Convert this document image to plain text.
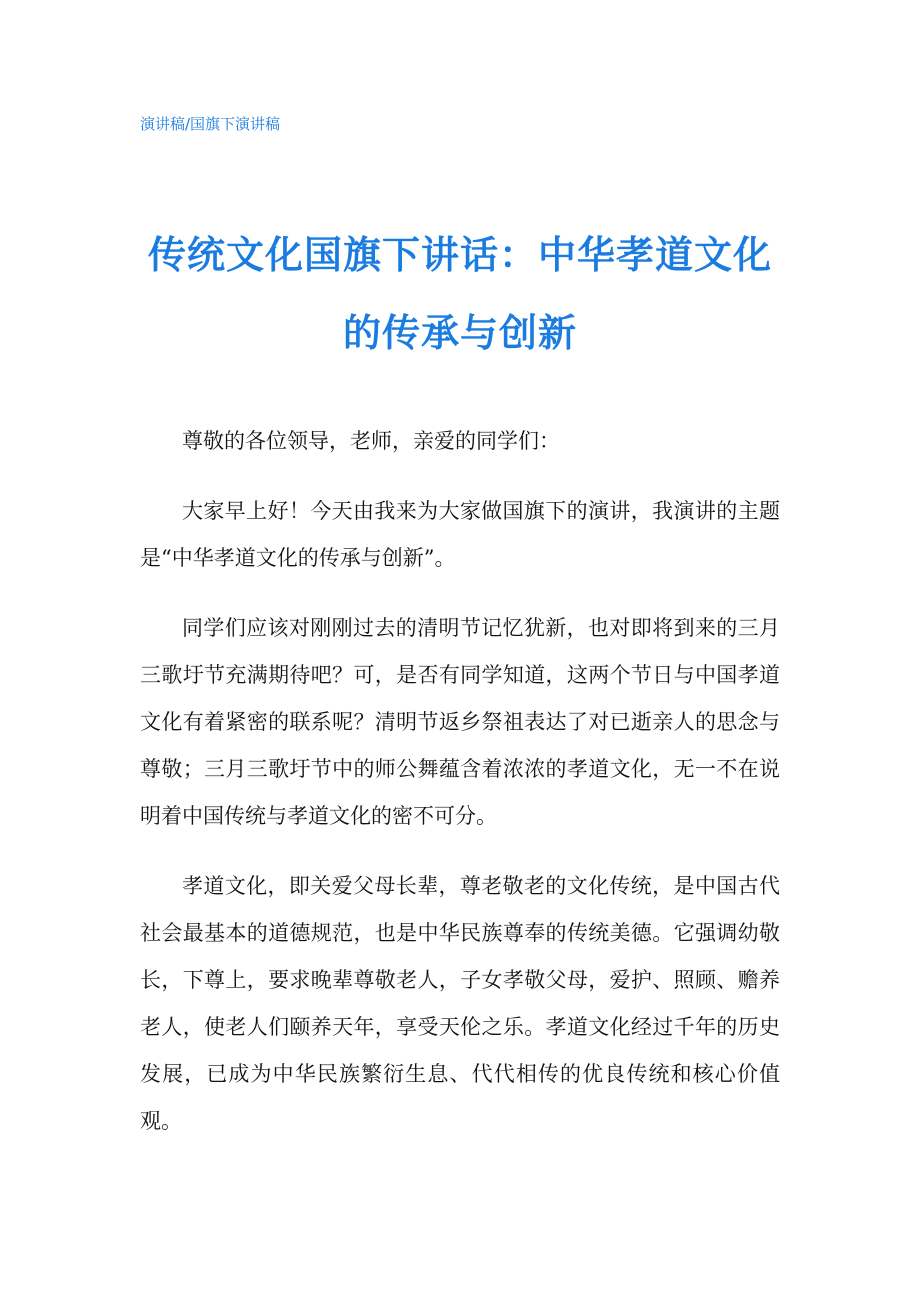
演讲稿/国旗下演讲稿
传统文化国旗下讲话：中华孝道文化的传承与创新

尊敬的各位领导，老师，亲爱的同学们：

大家早上好！今天由我来为大家做国旗下的演讲，我演讲的主题是“中华孝道文化的传承与创新”。

同学们应该对刚刚过去的清明节记忆犹新，也对即将到来的三月三歌圩节充满期待吧？可，是否有同学知道，这两个节日与中国孝道文化有着紧密的联系呢？清明节返乡祭祖表达了对已逝亲人的思念与尊敬；三月三歌圩节中的师公舞蕴含着浓浓的孝道文化，无一不在说明着中国传统与孝道文化的密不可分。

孝道文化，即关爱父母长辈，尊老敬老的文化传统，是中国古代社会最基本的道德规范，也是中华民族尊奉的传统美德。它强调幼敬长，下尊上，要求晚辈尊敬老人，子女孝敬父母，爱护、照顾、赡养老人，使老人们颐养天年，享受天伦之乐。孝道文化经过千年的历史发展，已成为中华民族繁衍生息、代代相传的优良传统和核心价值观。
